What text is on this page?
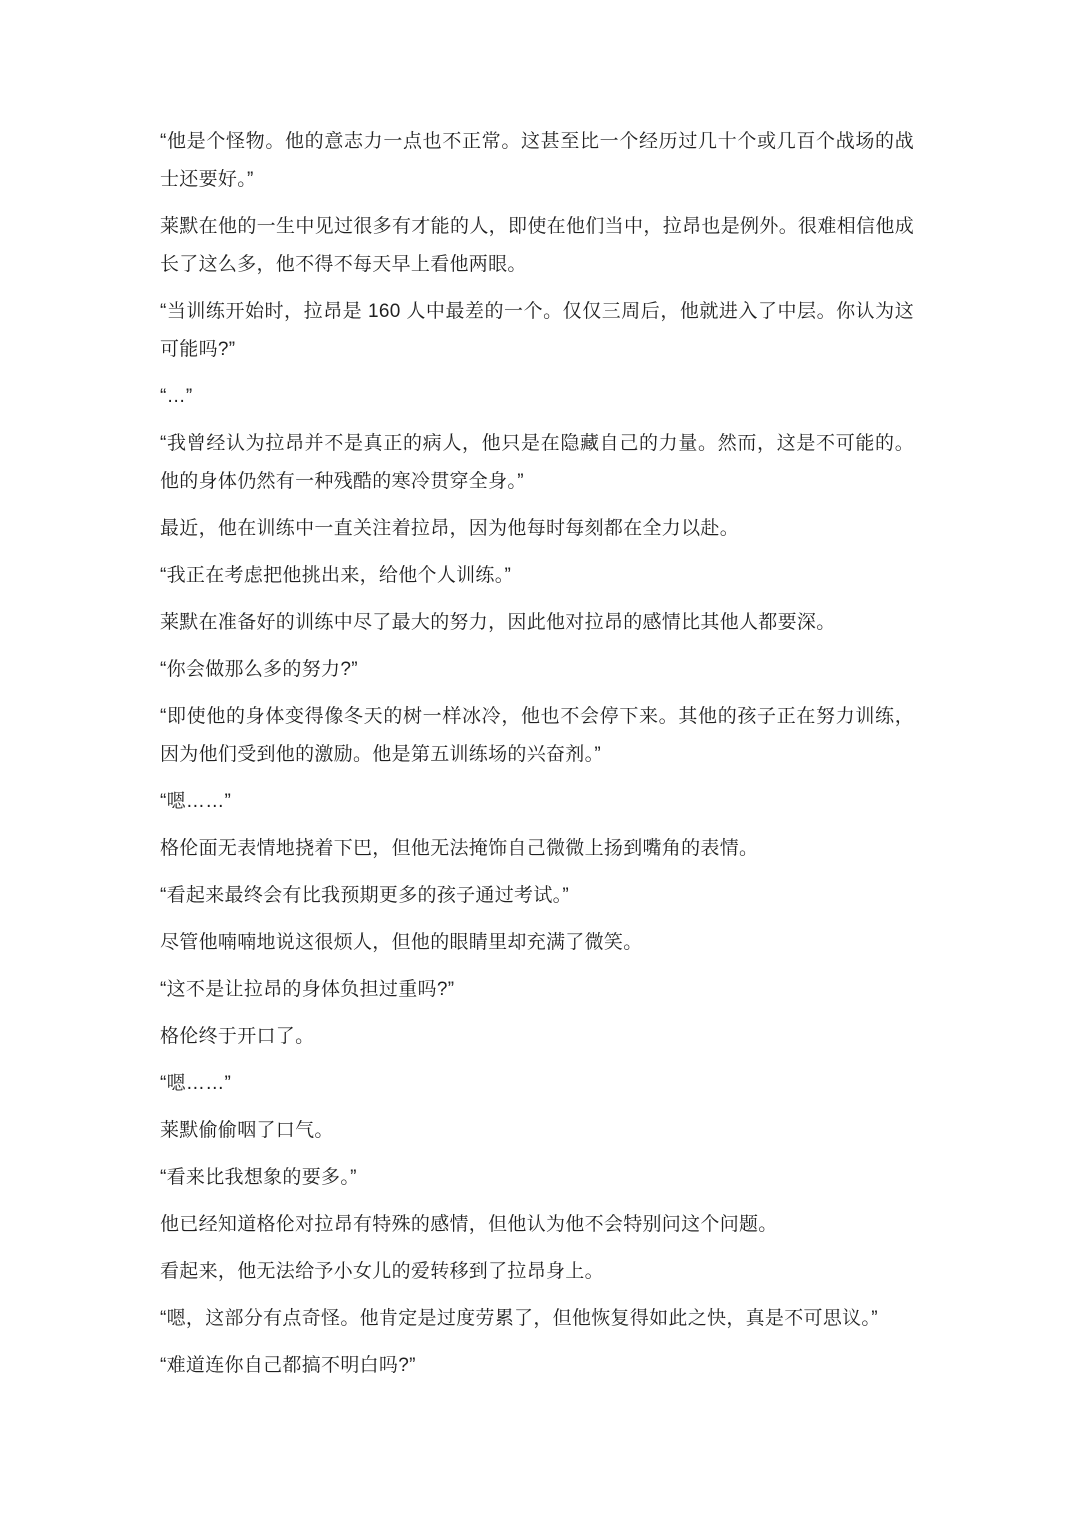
“他是个怪物。他的意志力一点也不正常。这甚至比一个经历过几十个或几百个战场的战士还要好。”

莱默在他的一生中见过很多有才能的人，即使在他们当中，拉昂也是例外。很难相信他成长了这么多，他不得不每天早上看他两眼。

“当训练开始时，拉昂是 160 人中最差的一个。仅仅三周后，他就进入了中层。你认为这可能吗?”

“…”

“我曾经认为拉昂并不是真正的病人，他只是在隐藏自己的力量。然而，这是不可能的。他的身体仍然有一种残酷的寒冷贯穿全身。”

最近，他在训练中一直关注着拉昂，因为他每时每刻都在全力以赴。

“我正在考虑把他挑出来，给他个人训练。”

莱默在准备好的训练中尽了最大的努力，因此他对拉昂的感情比其他人都要深。

“你会做那么多的努力?”

“即使他的身体变得像冬天的树一样冰冷，他也不会停下来。其他的孩子正在努力训练，因为他们受到他的激励。他是第五训练场的兴奋剂。”

“嗯……”

格伦面无表情地挠着下巴，但他无法掩饰自己微微上扬到嘴角的表情。

“看起来最终会有比我预期更多的孩子通过考试。”

尽管他喃喃地说这很烦人，但他的眼睛里却充满了微笑。

“这不是让拉昂的身体负担过重吗?”

格伦终于开口了。

“嗯……”

莱默偷偷咽了口气。

“看来比我想象的要多。”

他已经知道格伦对拉昂有特殊的感情，但他认为他不会特别问这个问题。

看起来，他无法给予小女儿的爱转移到了拉昂身上。

“嗯，这部分有点奇怪。他肯定是过度劳累了，但他恢复得如此之快，真是不可思议。”

“难道连你自己都搞不明白吗?”
